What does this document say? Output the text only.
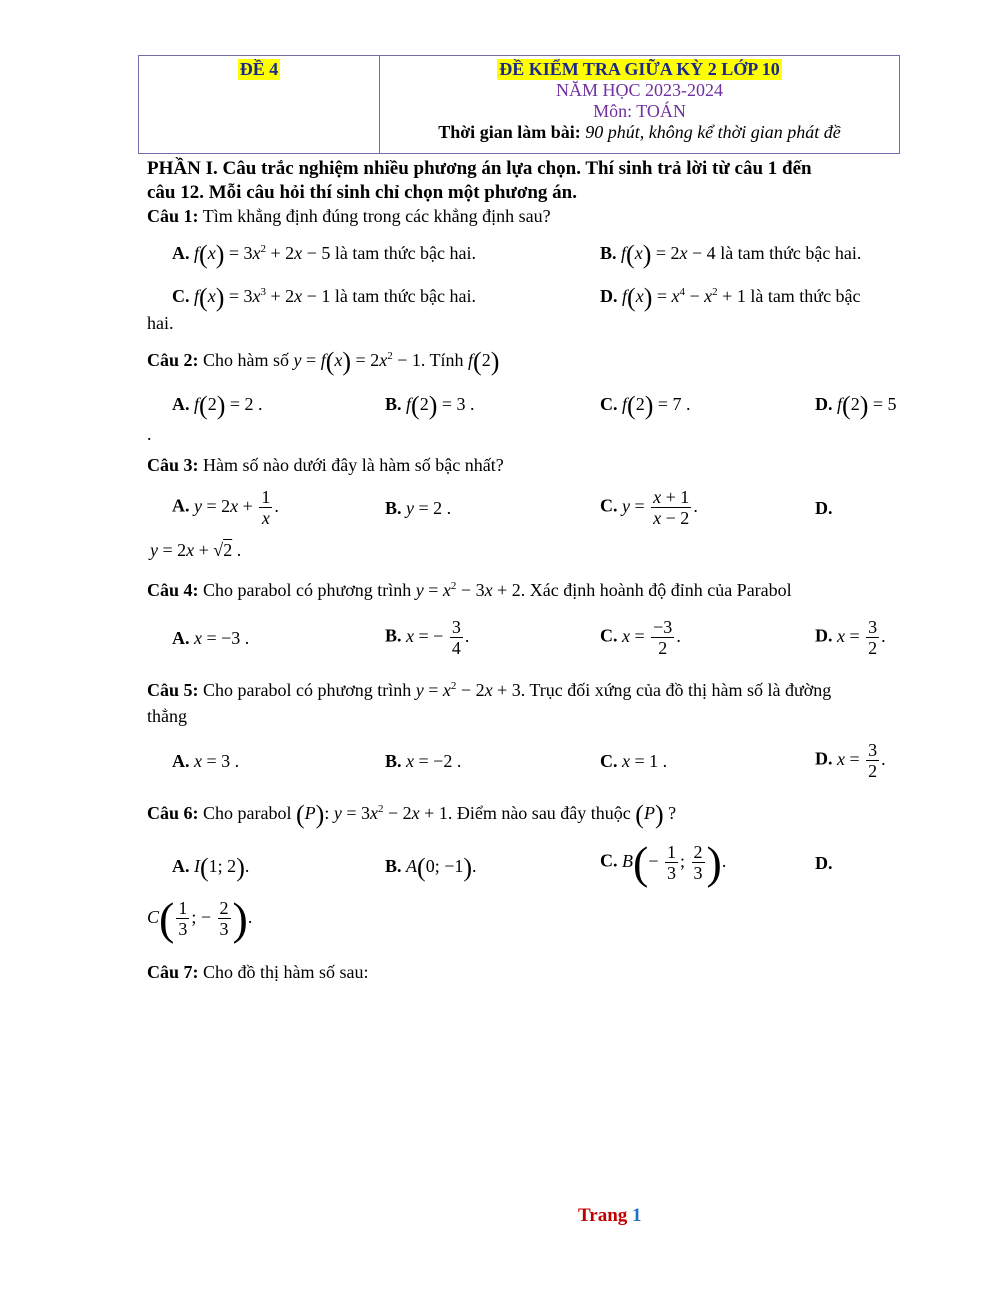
ĐỀ 4	ĐỀ KIỂM TRA GIỮA KỲ 2 LỚP 10
NĂM HỌC 2023-2024
Môn: TOÁN
Thời gian làm bài: 90 phút, không kể thời gian phát đề
PHẦN I. Câu trắc nghiệm nhiều phương án lựa chọn. Thí sinh trả lời từ câu 1 đến
câu 12. Mỗi câu hỏi thí sinh chỉ chọn một phương án.
Câu 1: Tìm khẳng định đúng trong các khẳng định sau?
A. $f(x) = 3x^2 + 2x - 5$ là tam thức bậc hai.	B. f(x) = 2x − 4 là tam thức bậc hai.
C. $f(x) = 3x^3 + 2x - 1$ là tam thức bậc hai.	D. $f(x) = x^4 - x^2 + 1$ là tam thức bậc
hai.
Câu 2: Cho hàm số $y = f(x) = 2x^2 - 1$. Tính f(2)
A. f(2) = 2 .	B. f(2) = 3 .	C. f(2) = 7 .	D. f(2) = 5
.
Câu 3: Hàm số nào dưới đây là hàm số bậc nhất?
A. $y = 2x + \frac{1}{x}$ .	B. y = 2 .	C. $y = \frac{x + 1}{x - 2}$ .	D.
y = 2x + √2 .
Câu 4: Cho parabol có phương trình $y = x^2 - 3x + 2$. Xác định hoành độ đỉnh của Parabol
A. x = −3 .	B. x = − $\frac{3}{4}$ .	C. $x = \frac{-3}{2}$ .	D. $x = \frac{3}{2}$ .
Câu 5: Cho parabol có phương trình $y = x^2 - 2x + 3$. Trục đối xứng của đồ thị hàm số là đường
thẳng
A. x = 3 .	B. x = −2 .	C. x = 1 .	D. $x = \frac{3}{2}$ .
Câu 6: Cho parabol (P): $y = 3x^2 - 2x + 1$. Điểm nào sau đây thuộc (P) ?
A. I(1; 2).	B. A(0; −1).	C. $B(- \frac{1}{3}$ ; $\frac{2}{3}$ ).	D.
$C( \frac{1}{3}$ ; − $\frac{2}{3}$ ).
Câu 7: Cho đồ thị hàm số sau:
Trang 1
